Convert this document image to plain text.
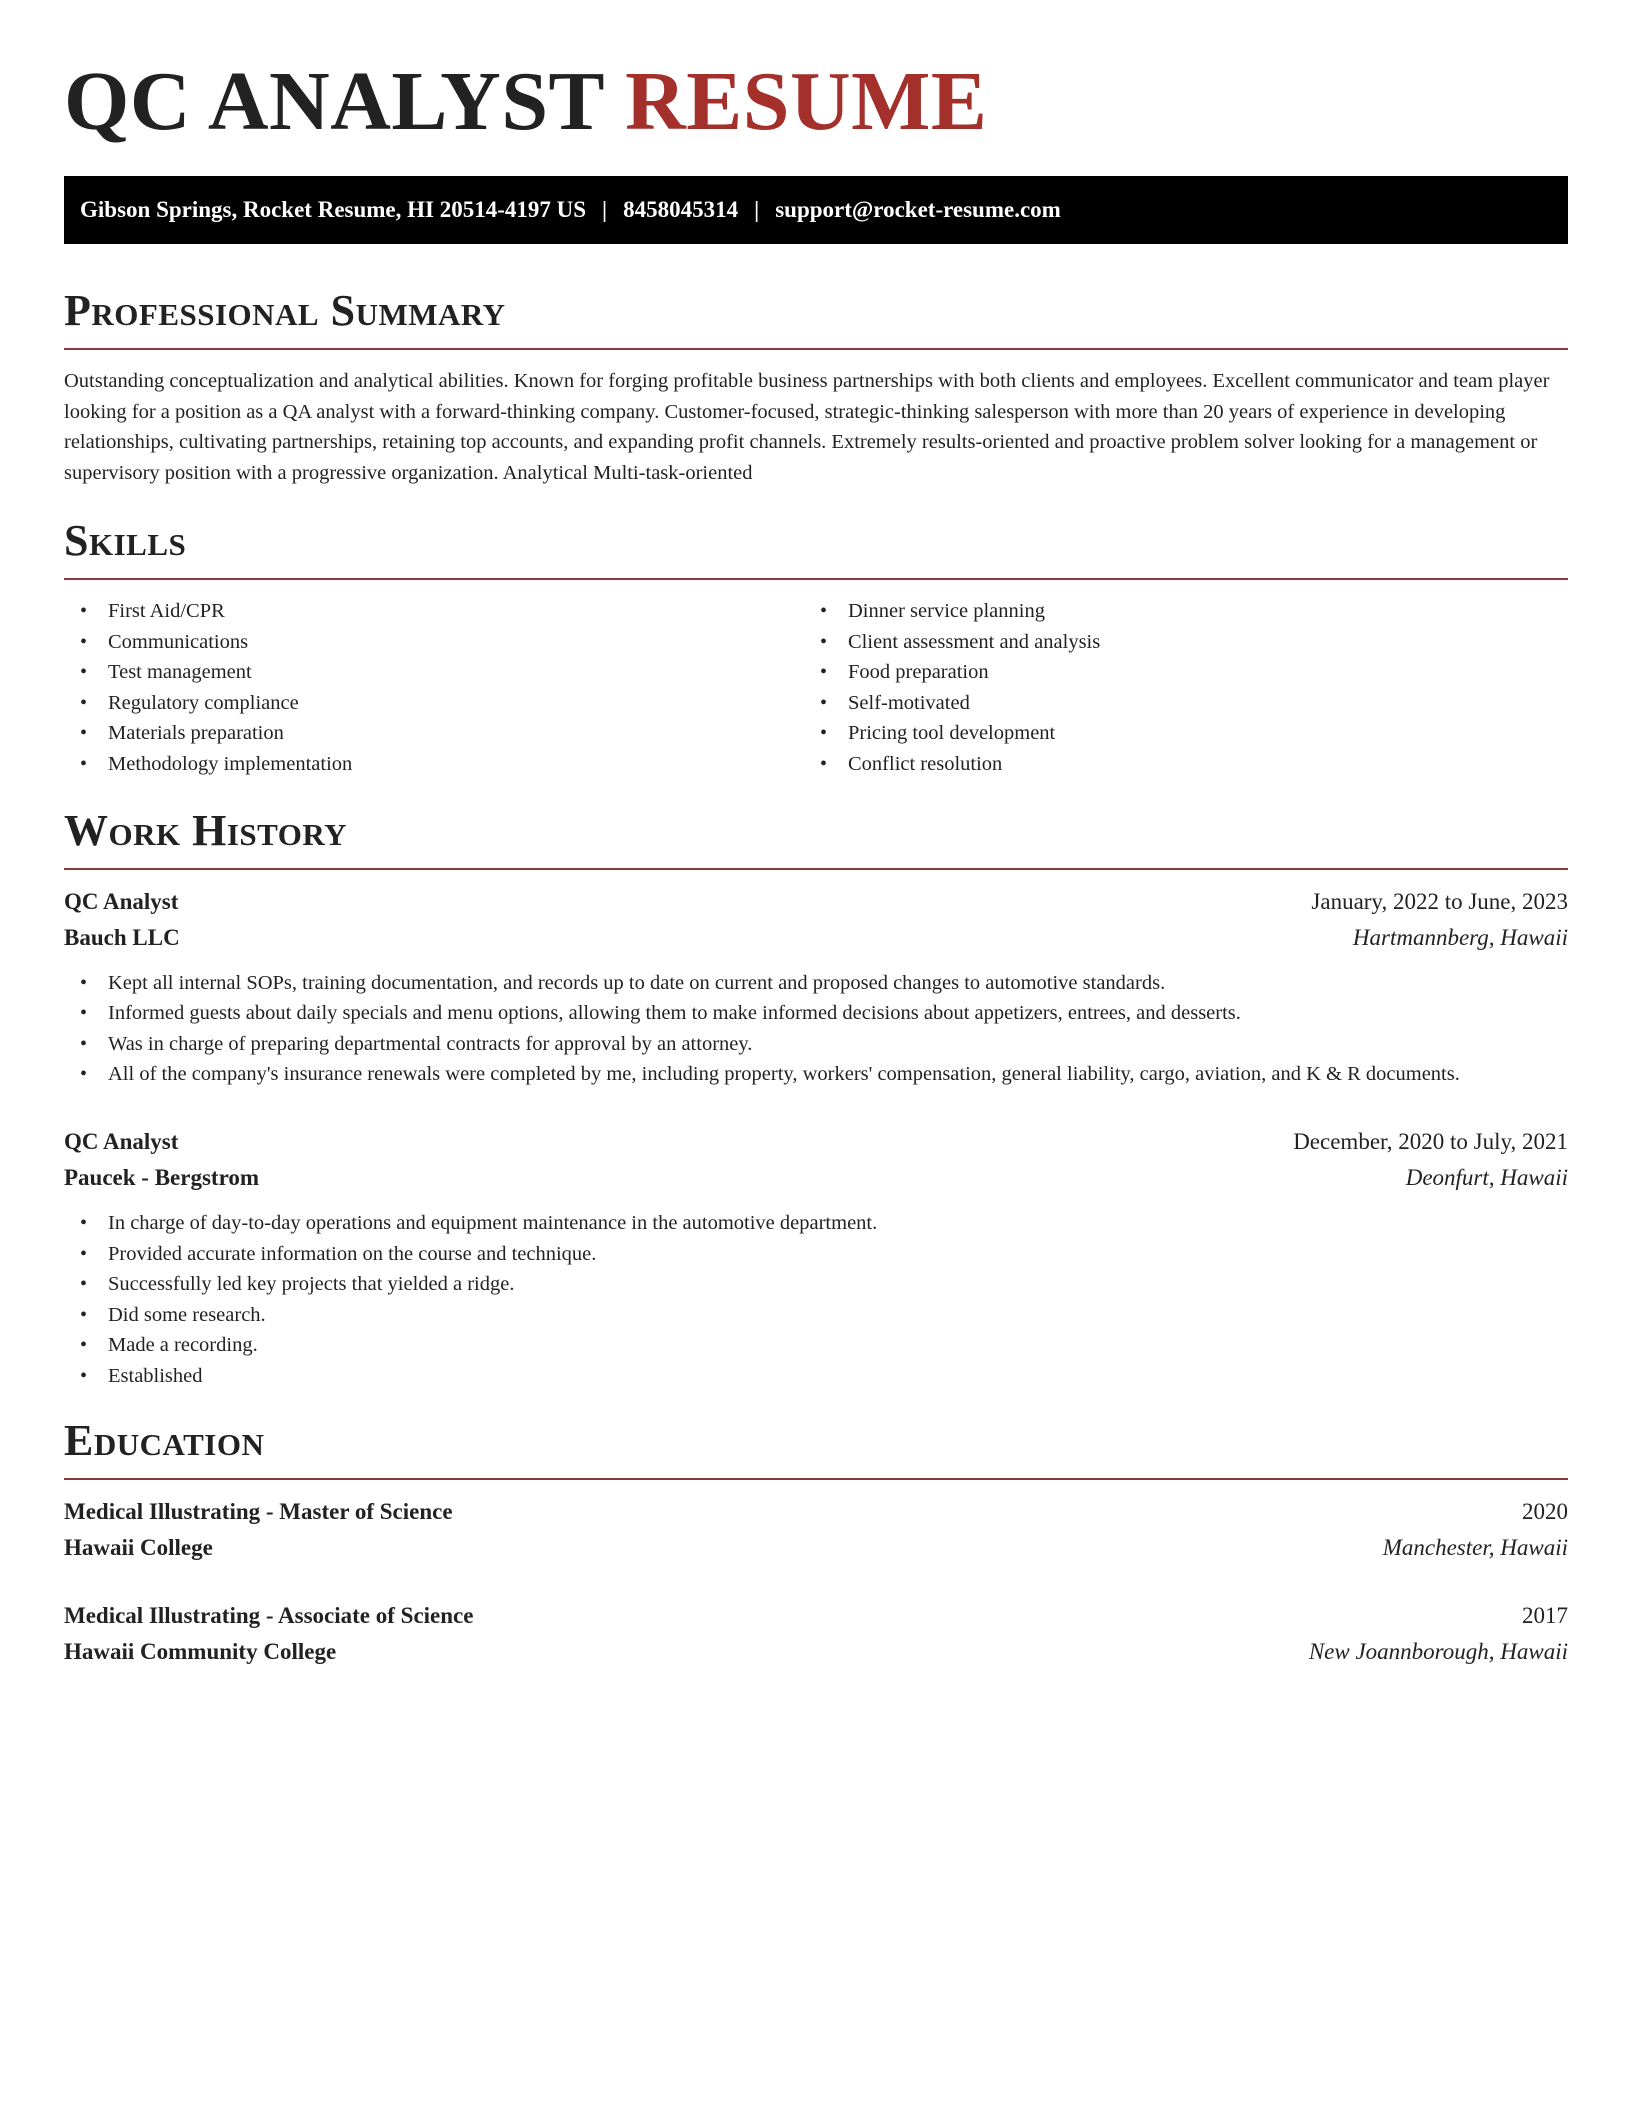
QC ANALYST RESUME
Gibson Springs, Rocket Resume, HI 20514-4197 US | 8458045314 | support@rocket-resume.com
Professional Summary

Outstanding conceptualization and analytical abilities. Known for forging profitable business partnerships with both clients and employees. Excellent communicator and team player looking for a position as a QA analyst with a forward-thinking company. Customer-focused, strategic-thinking salesperson with more than 20 years of experience in developing relationships, cultivating partnerships, retaining top accounts, and expanding profit channels. Extremely results-oriented and proactive problem solver looking for a management or supervisory position with a progressive organization. Analytical Multi-task-oriented

Skills
• First Aid/CPR
• Communications
• Test management
• Regulatory compliance
• Materials preparation
• Methodology implementation
• Dinner service planning
• Client assessment and analysis
• Food preparation
• Self-motivated
• Pricing tool development
• Conflict resolution
Work History
QC Analyst	January, 2022 to June, 2023
Bauch LLC	Hartmannberg, Hawaii
• Kept all internal SOPs, training documentation, and records up to date on current and proposed changes to automotive standards.
• Informed guests about daily specials and menu options, allowing them to make informed decisions about appetizers, entrees, and desserts.
• Was in charge of preparing departmental contracts for approval by an attorney.
• All of the company's insurance renewals were completed by me, including property, workers' compensation, general liability, cargo, aviation, and K & R documents.
QC Analyst	December, 2020 to July, 2021
Paucek - Bergstrom	Deonfurt, Hawaii
• In charge of day-to-day operations and equipment maintenance in the automotive department.
• Provided accurate information on the course and technique.
• Successfully led key projects that yielded a ridge.
• Did some research.
• Made a recording.
• Established
Education
Medical Illustrating - Master of Science	2020
Hawaii College	Manchester, Hawaii
Medical Illustrating - Associate of Science	2017
Hawaii Community College	New Joannborough, Hawaii
